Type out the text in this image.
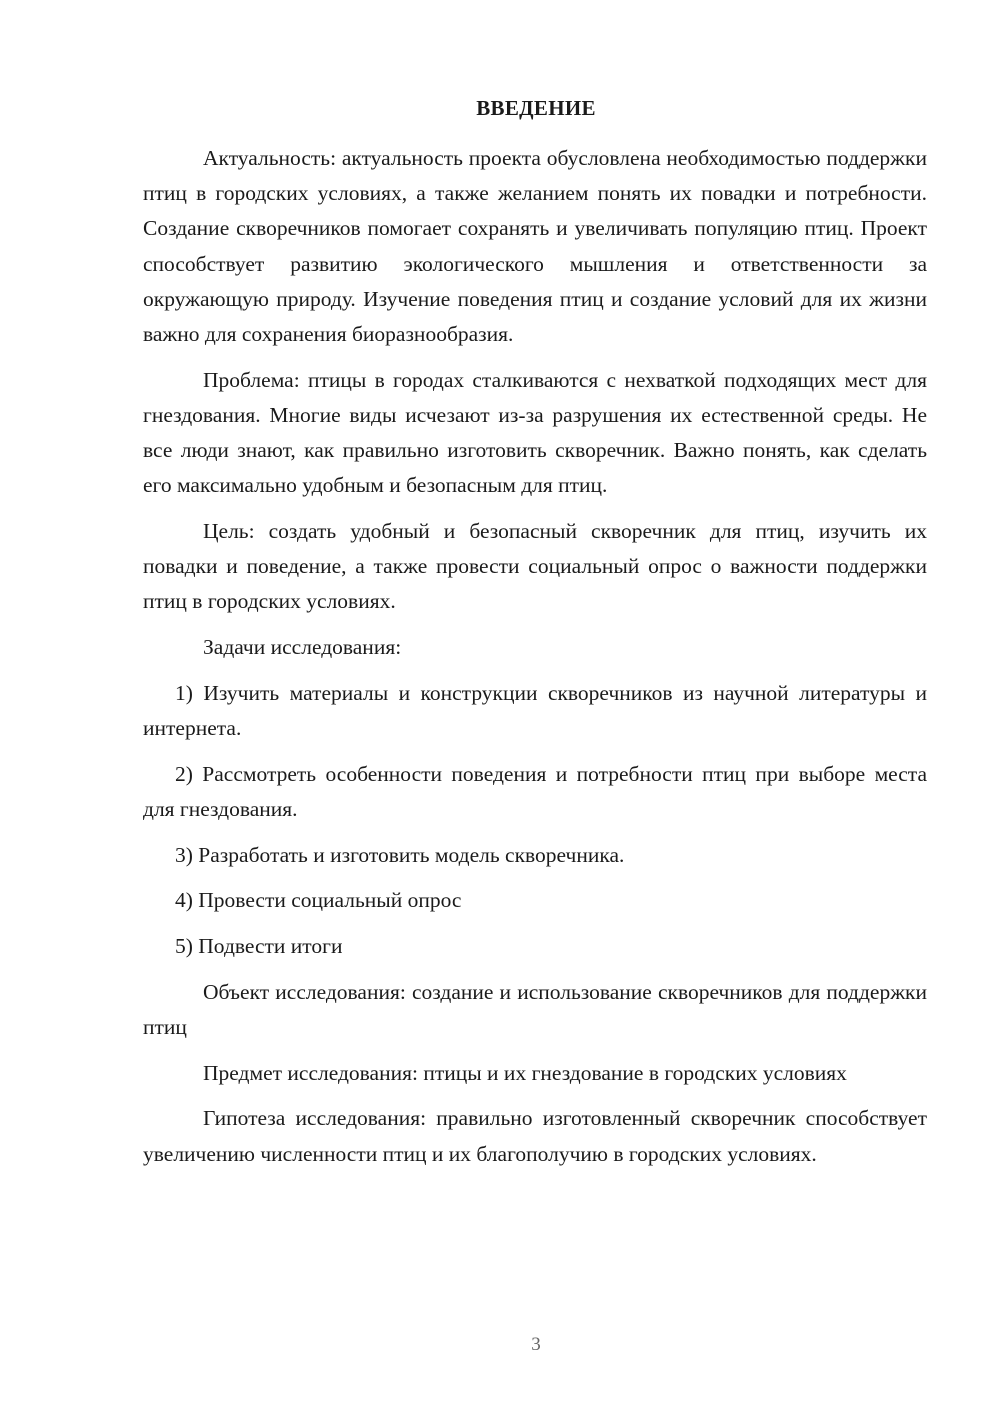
ВВЕДЕНИЕ

Актуальность: актуальность проекта обусловлена необходимостью поддержки птиц в городских условиях, а также желанием понять их повадки и потребности. Создание скворечников помогает сохранять и увеличивать популяцию птиц. Проект способствует развитию экологического мышления и ответственности за окружающую природу. Изучение поведения птиц и создание условий для их жизни важно для сохранения биоразнообразия.

Проблема: птицы в городах сталкиваются с нехваткой подходящих мест для гнездования. Многие виды исчезают из-за разрушения их естественной среды. Не все люди знают, как правильно изготовить скворечник. Важно понять, как сделать его максимально удобным и безопасным для птиц.

Цель: создать удобный и безопасный скворечник для птиц, изучить их повадки и поведение, а также провести социальный опрос о важности поддержки птиц в городских условиях.

Задачи исследования:

1) Изучить материалы и конструкции скворечников из научной литературы и интернета.

2) Рассмотреть особенности поведения и потребности птиц при выборе места для гнездования.

3) Разработать и изготовить модель скворечника.

4) Провести социальный опрос

5) Подвести итоги

Объект исследования: создание и использование скворечников для поддержки птиц

Предмет исследования: птицы и их гнездование в городских условиях

Гипотеза исследования: правильно изготовленный скворечник способствует увеличению численности птиц и их благополучию в городских условиях.

3
